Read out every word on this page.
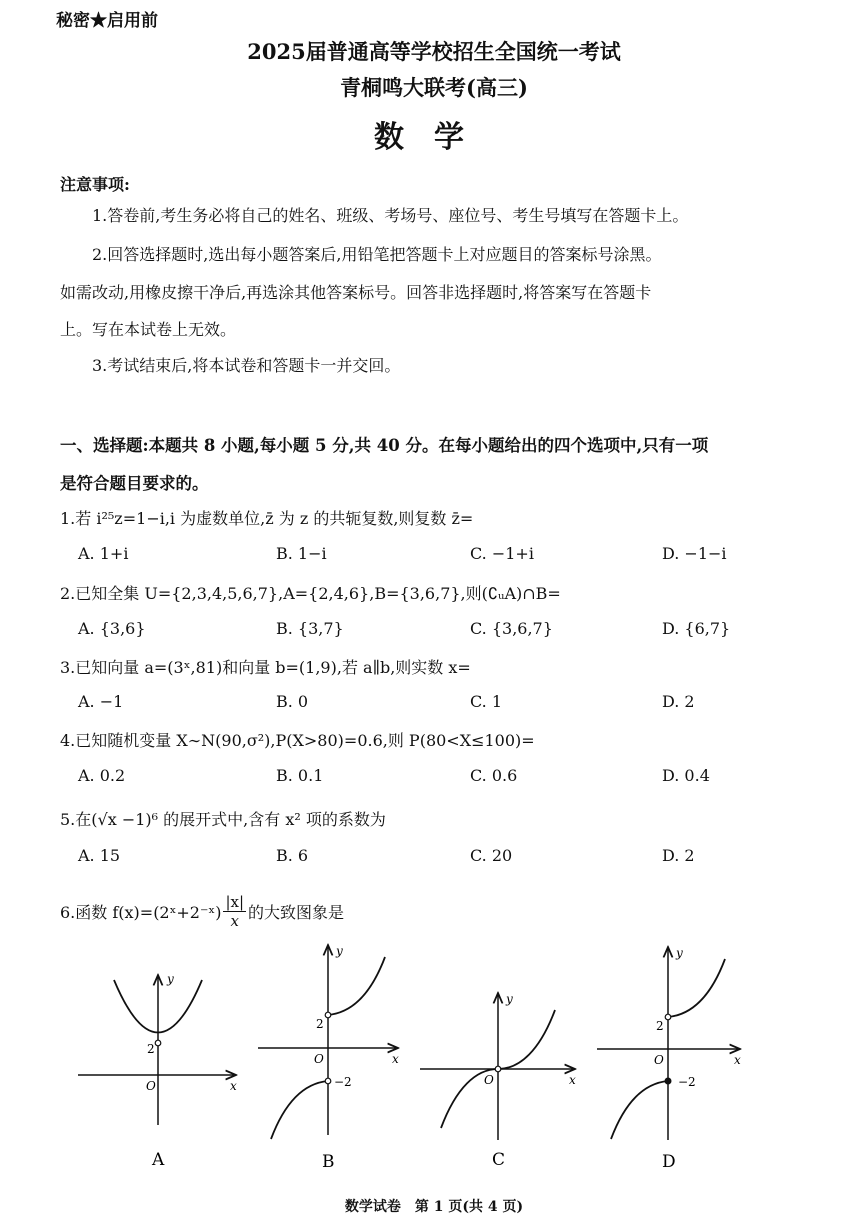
秘密★启用前
2025届普通高等学校招生全国统一考试
青桐鸣大联考(高三)
数学
注意事项:
1.答卷前,考生务必将自己的姓名、班级、考场号、座位号、考生号填写在答题卡上。
2.回答选择题时,选出每小题答案后,用铅笔把答题卡上对应题目的答案标号涂黑。
如需改动,用橡皮擦干净后,再选涂其他答案标号。回答非选择题时,将答案写在答题卡
上。写在本试卷上无效。
3.考试结束后,将本试卷和答题卡一并交回。
一、选择题:本题共 8 小题,每小题 5 分,共 40 分。在每小题给出的四个选项中,只有一项
是符合题目要求的。
1.若 i²⁵z=1−i,i 为虚数单位,z̄ 为 z 的共轭复数,则复数 z̄=
A. 1+i	B. 1−i	C. −1+i	D. −1−i
2.已知全集 U={2,3,4,5,6,7},A={2,4,6},B={3,6,7},则(∁ᵤA)∩B=
A. {3,6}	B. {3,7}	C. {3,6,7}	D. {6,7}
3.已知向量 a=(3ˣ,81)和向量 b=(1,9),若 a∥b,则实数 x=
A. −1	B. 0	C. 1	D. 2
4.已知随机变量 X∼N(90,σ²),P(X>80)=0.6,则 P(80<X≤100)=
A. 0.2	B. 0.1	C. 0.6	D. 0.4
5.在(√x −1)⁶ 的展开式中,含有 x² 项的系数为
A. 15	B. 6	C. 20	D. 2
6.函数 f(x)=(2ˣ+2⁻ˣ) $\frac{|x|}{x}$ 的大致图象是
y
x
O
2
A
y
x
O
2
−2
B
y
x
O
C
y
x
O
2
−2
D
数学试卷　第 1 页(共 4 页)
